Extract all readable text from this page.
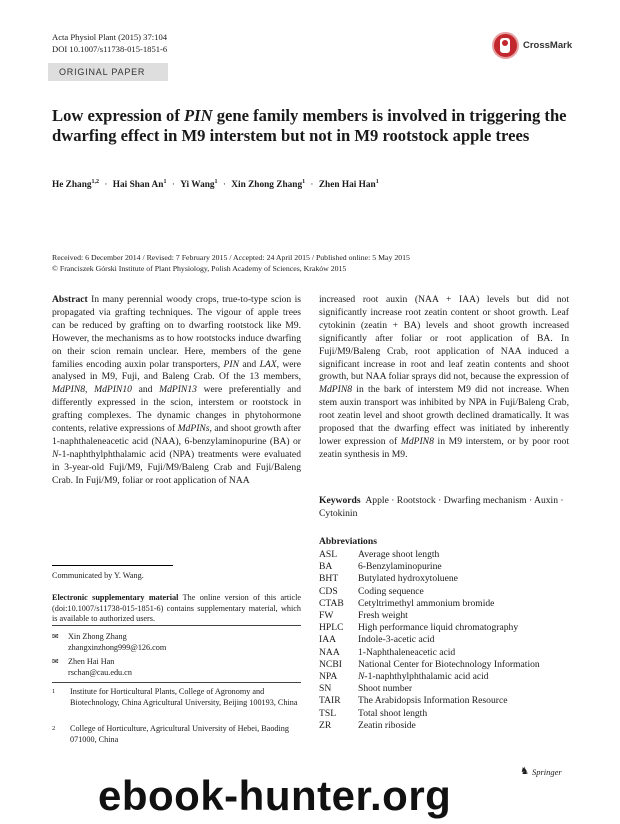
Acta Physiol Plant (2015) 37:104
DOI 10.1007/s11738-015-1851-6	CrossMark
ORIGINAL PAPER
Low expression of PIN gene family members is involved in triggering the dwarfing effect in M9 interstem but not in M9 rootstock apple trees
He Zhang$^{1,2}$ · Hai Shan $An^1 \cdot Yi$ Wang$^1$ · Xin Zhong Zhang$^1$ · Zhen Hai Han$^1$
Received: 6 December 2014 / Revised: 7 February 2015 / Accepted: 24 April 2015 / Published online: 5 May 2015
© Franciszek Górski Institute of Plant Physiology, Polish Academy of Sciences, Kraków 2015
Abstract In many perennial woody crops, true-to-type scion is propagated via grafting techniques. The vigour of apple trees can be reduced by grafting on to dwarfing rootstock like M9. However, the mechanisms as to how rootstocks induce dwarfing on their scion remain unclear. Here, members of the gene families encoding auxin polar transporters, PIN and LAX, were analysed in M9, Fuji, and Baleng Crab. Of the 13 members, MdPIN8, MdPIN10 and MdPIN13 were preferentially and differently expressed in the scion, interstem or rootstock in grafting complexes. The dynamic changes in phytohormone contents, relative expressions of MdPINs, and shoot growth after 1-naphthaleneacetic acid (NAA), 6-benzylaminopurine (BA) or N-1-naphthylphthalamic acid (NPA) treatments were evaluated in 3-year-old Fuji/M9, Fuji/M9/Baleng Crab and Fuji/Baleng Crab. In Fuji/M9, foliar or root application of NAA
increased root auxin (NAA + IAA) levels but did not significantly increase root zeatin content or shoot growth. Leaf cytokinin (zeatin + BA) levels and shoot growth increased significantly after foliar or root application of BA. In Fuji/M9/Baleng Crab, root application of NAA induced a significant increase in root and leaf zeatin contents and shoot growth, but NAA foliar sprays did not, because the expression of MdPIN8 in the bark of interstem M9 did not increase. When stem auxin transport was inhibited by NPA in Fuji/Baleng Crab, root zeatin level and shoot growth declined dramatically. It was proposed that the dwarfing effect was initiated by inherently lower expression of MdPIN8 in M9 interstem, or by poor root zeatin synthesis in M9.
Keywords Apple · Rootstock · Dwarfing mechanism · Auxin · Cytokinin
Abbreviations
ASL	Average shoot length
BA	6-Benzylaminopurine
BHT	Butylated hydroxytoluene
CDS	Coding sequence
CTAB	Cetyltrimethyl ammonium bromide
FW	Fresh weight
HPLC	High performance liquid chromatography
IAA	Indole-3-acetic acid
NAA	1-Naphthaleneacetic acid
NCBI	National Center for Biotechnology Information
NPA	N-1-naphthylphthalamic acid acid
SN	Shoot number
TAIR	The Arabidopsis Information Resource
TSL	Total shoot length
ZR	Zeatin riboside
Communicated by Y. Wang.
Electronic supplementary material The online version of this article (doi:10.1007/s11738-015-1851-6) contains supplementary material, which is available to authorized users.
✉	Xin Zhong Zhang
zhangxinzhong999@126.com
✉	Zhen Hai Han
rschan@cau.edu.cn
1	Institute for Horticultural Plants, College of Agronomy and Biotechnology, China Agricultural University, Beijing 100193, China
2	College of Horticulture, Agricultural University of Hebei, Baoding 071000, China
♞ Springer
ebook-hunter.org
